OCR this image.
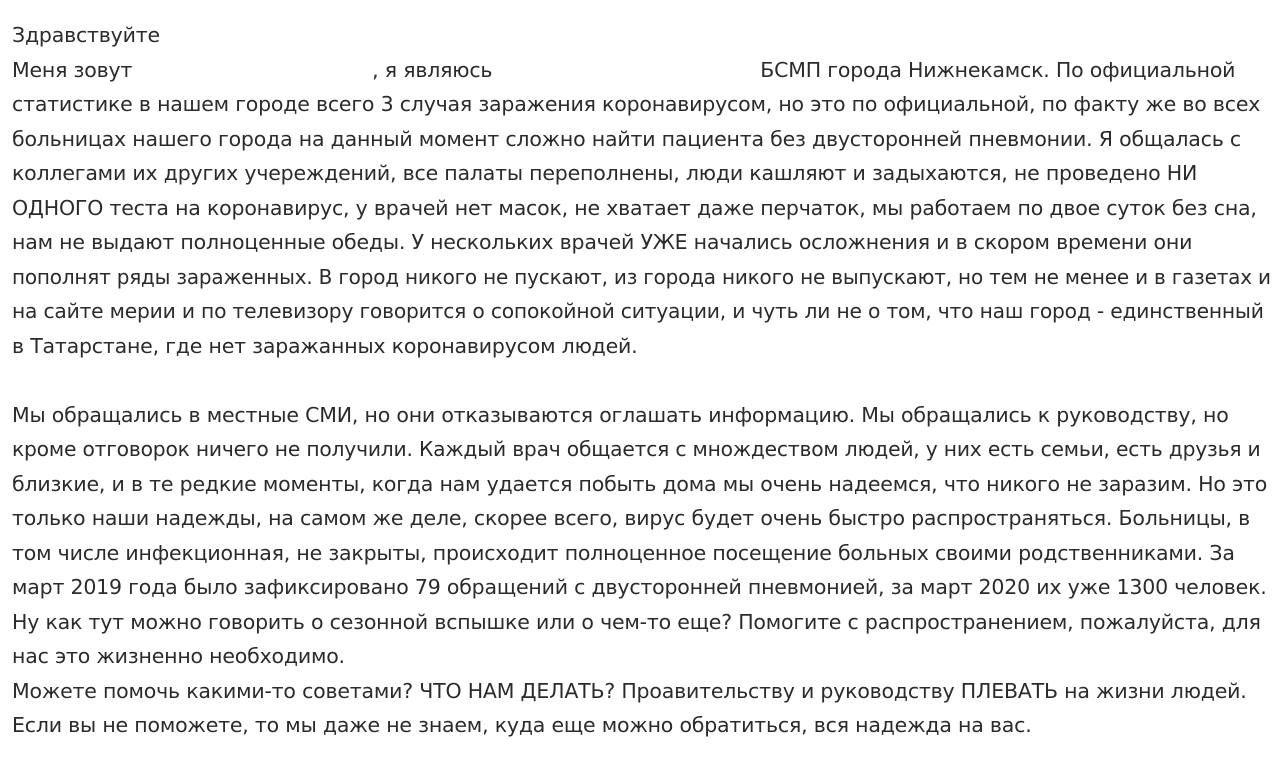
Здравствуйте
Меня зовут	, я являюсь	БСМП города Нижнекамск. По официальной
статистике в нашем городе всего 3 случая заражения коронавирусом, но это по официальной, по факту же во всех
больницах нашего города на данный момент сложно найти пациента без двусторонней пневмонии. Я общалась с
коллегами их других учереждений, все палаты переполнены, люди кашляют и задыхаются, не проведено НИ
ОДНОГО теста на коронавирус, у врачей нет масок, не хватает даже перчаток, мы работаем по двое суток без сна,
нам не выдают полноценные обеды. У нескольких врачей УЖЕ начались осложнения и в скором времени они
пополнят ряды зараженных. В город никого не пускают, из города никого не выпускают, но тем не менее и в газетах и
на сайте мерии и по телевизору говорится о сопокойной ситуации, и чуть ли не о том, что наш город - единственный
в Татарстане, где нет заражанных коронавирусом людей.
Мы обращались в местные СМИ, но они отказываются оглашать информацию. Мы обращались к руководству, но
кроме отговорок ничего не получили. Каждый врач общается с множдеством людей, у них есть семьи, есть друзья и
близкие, и в те редкие моменты, когда нам удается побыть дома мы очень надеемся, что никого не заразим. Но это
только наши надежды, на самом же деле, скорее всего, вирус будет очень быстро распространяться. Больницы, в
том числе инфекционная, не закрыты, происходит полноценное посещение больных своими родственниками. За
март 2019 года было зафиксировано 79 обращений с двусторонней пневмонией, за март 2020 их уже 1300 человек.
Ну как тут можно говорить о сезонной вспышке или о чем-то еще? Помогите с распространением, пожалуйста, для
нас это жизненно необходимо.
Можете помочь какими-то советами? ЧТО НАМ ДЕЛАТЬ? Проавительству и руководству ПЛЕВАТЬ на жизни людей.
Если вы не поможете, то мы даже не знаем, куда еще можно обратиться, вся надежда на вас.
